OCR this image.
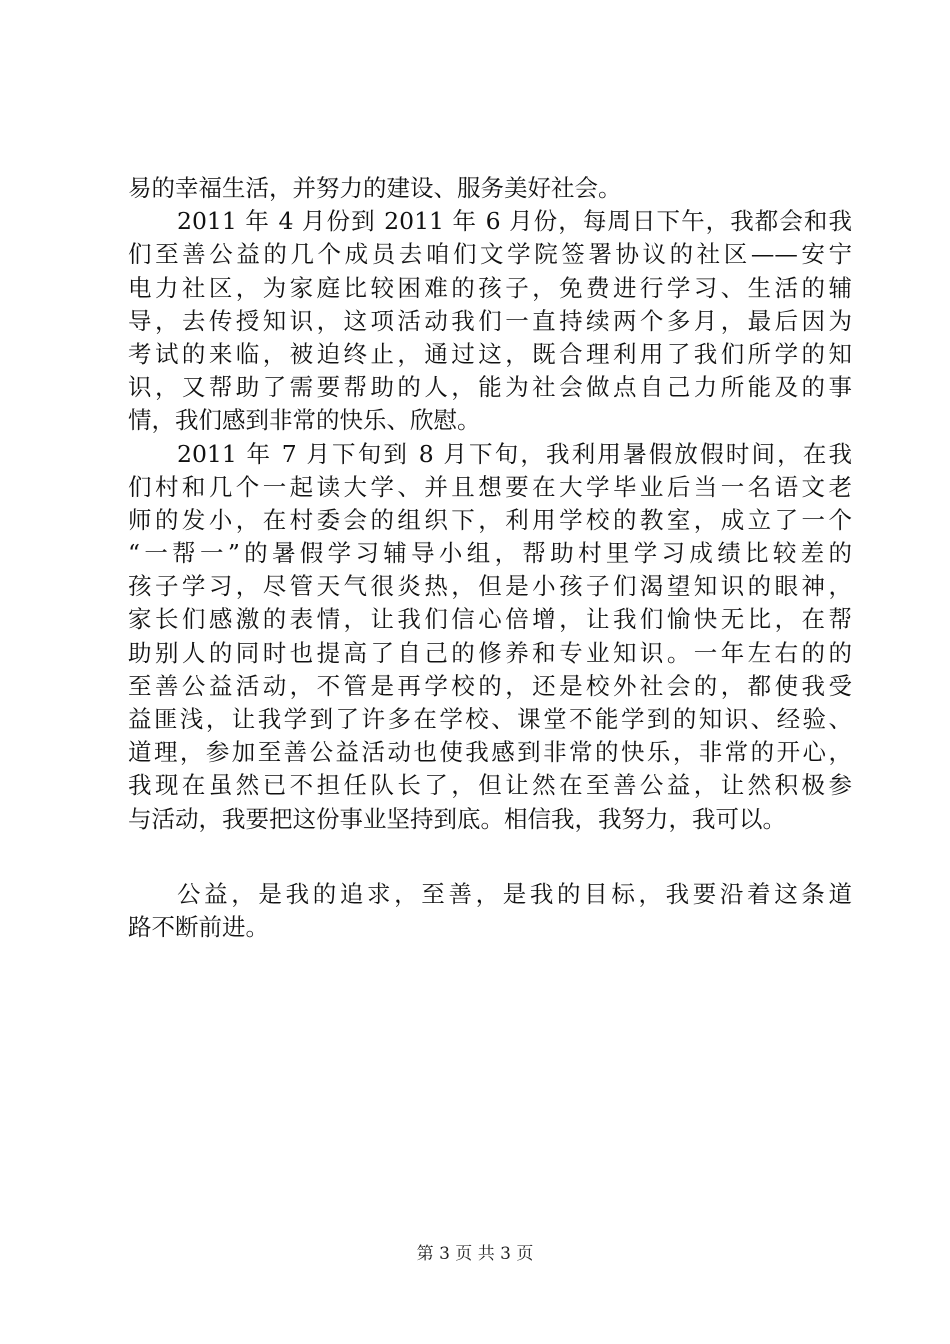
易的幸福生活，并努力的建设、服务美好社会。
2011 年 4 月份到 2011 年 6 月份，每周日下午，我都会和我
们至善公益的几个成员去咱们文学院签署协议的社区——安宁
电力社区，为家庭比较困难的孩子，免费进行学习、生活的辅
导，去传授知识，这项活动我们一直持续两个多月，最后因为
考试的来临，被迫终止，通过这，既合理利用了我们所学的知
识，又帮助了需要帮助的人，能为社会做点自己力所能及的事
情，我们感到非常的快乐、欣慰。
2011 年 7 月下旬到 8 月下旬，我利用暑假放假时间，在我
们村和几个一起读大学、并且想要在大学毕业后当一名语文老
师的发小，在村委会的组织下，利用学校的教室，成立了一个
“一帮一”的暑假学习辅导小组，帮助村里学习成绩比较差的
孩子学习，尽管天气很炎热，但是小孩子们渴望知识的眼神，
家长们感激的表情，让我们信心倍增，让我们愉快无比，在帮
助别人的同时也提高了自己的修养和专业知识。一年左右的的
至善公益活动，不管是再学校的，还是校外社会的，都使我受
益匪浅，让我学到了许多在学校、课堂不能学到的知识、经验、
道理，参加至善公益活动也使我感到非常的快乐，非常的开心，
我现在虽然已不担任队长了，但让然在至善公益，让然积极参
与活动，我要把这份事业坚持到底。相信我，我努力，我可以。
公益，是我的追求，至善，是我的目标，我要沿着这条道
路不断前进。
第 3 页 共 3 页
